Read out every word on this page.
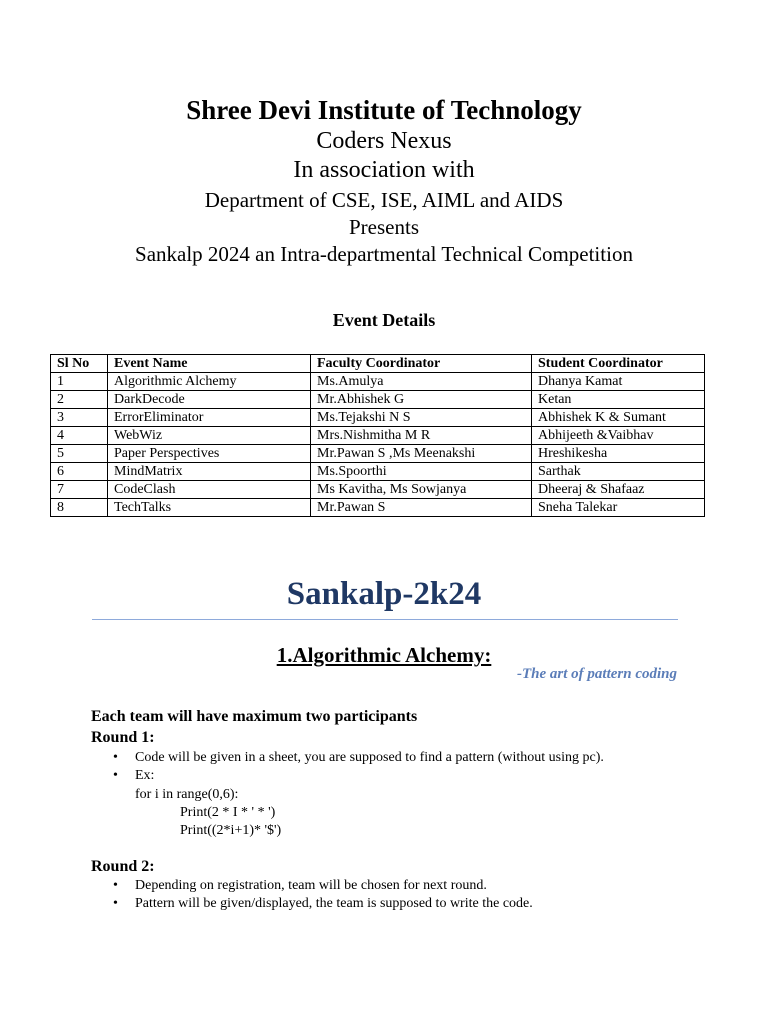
Shree Devi Institute of Technology
Coders Nexus
In association with
Department of CSE, ISE, AIML and AIDS
Presents
Sankalp 2024 an Intra-departmental Technical Competition
Event Details
Sl No	Event Name	Faculty Coordinator	Student Coordinator
1	Algorithmic Alchemy	Ms.Amulya	Dhanya Kamat
2	DarkDecode	Mr.Abhishek G	Ketan
3	ErrorEliminator	Ms.Tejakshi N S	Abhishek K & Sumant
4	WebWiz	Mrs.Nishmitha M R	Abhijeeth &Vaibhav
5	Paper Perspectives	Mr.Pawan S ,Ms Meenakshi	Hreshikesha
6	MindMatrix	Ms.Spoorthi	Sarthak
7	CodeClash	Ms Kavitha, Ms Sowjanya	Dheeraj & Shafaaz
8	TechTalks	Mr.Pawan S	Sneha Talekar
Sankalp-2k24
1.Algorithmic Alchemy:
-The art of pattern coding
Each team will have maximum two participants
Round 1:
• Code will be given in a sheet, you are supposed to find a pattern (without using pc).
• Ex:
for i in range(0,6):
Print(2 * I * ' * ')
Print((2*i+1)* '$')
Round 2:
• Depending on registration, team will be chosen for next round.
• Pattern will be given/displayed, the team is supposed to write the code.
